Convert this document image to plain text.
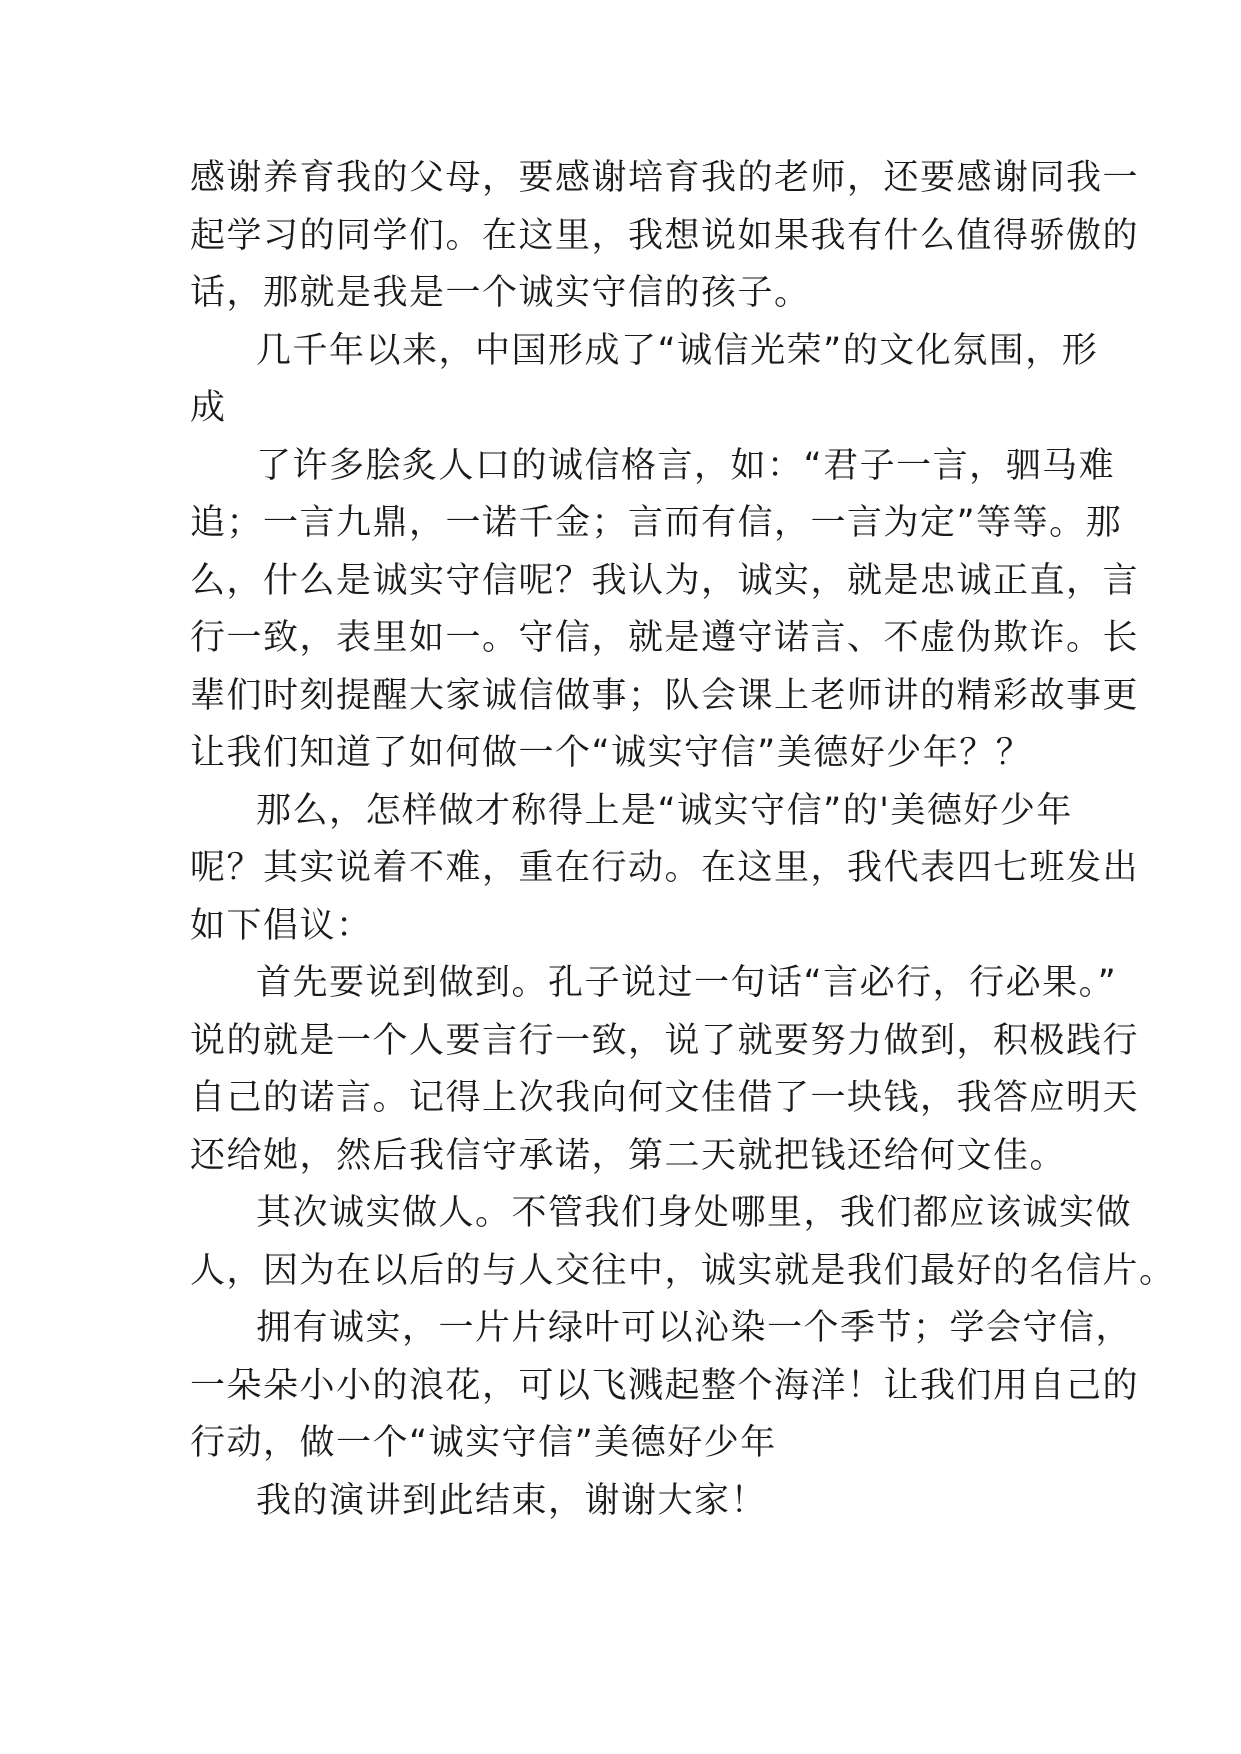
感谢养育我的父母，要感谢培育我的老师，还要感谢同我一
起学习的同学们。在这里，我想说如果我有什么值得骄傲的
话，那就是我是一个诚实守信的孩子。
几千年以来，中国形成了“诚信光荣”的文化氛围，形
成
了许多脍炙人口的诚信格言，如：“君子一言，驷马难
追；一言九鼎，一诺千金；言而有信，一言为定”等等。那
么，什么是诚实守信呢？我认为，诚实，就是忠诚正直，言
行一致，表里如一。守信，就是遵守诺言、不虚伪欺诈。长
辈们时刻提醒大家诚信做事；队会课上老师讲的精彩故事更
让我们知道了如何做一个“诚实守信”美德好少年？？
那么，怎样做才称得上是“诚实守信”的'美德好少年
呢？其实说着不难，重在行动。在这里，我代表四七班发出
如下倡议：
首先要说到做到。孔子说过一句话“言必行，行必果。”
说的就是一个人要言行一致，说了就要努力做到，积极践行
自己的诺言。记得上次我向何文佳借了一块钱，我答应明天
还给她，然后我信守承诺，第二天就把钱还给何文佳。
其次诚实做人。不管我们身处哪里，我们都应该诚实做
人，因为在以后的与人交往中，诚实就是我们最好的名信片。
拥有诚实，一片片绿叶可以沁染一个季节；学会守信，
一朵朵小小的浪花，可以飞溅起整个海洋！让我们用自己的
行动，做一个“诚实守信”美德好少年
我的演讲到此结束，谢谢大家！
